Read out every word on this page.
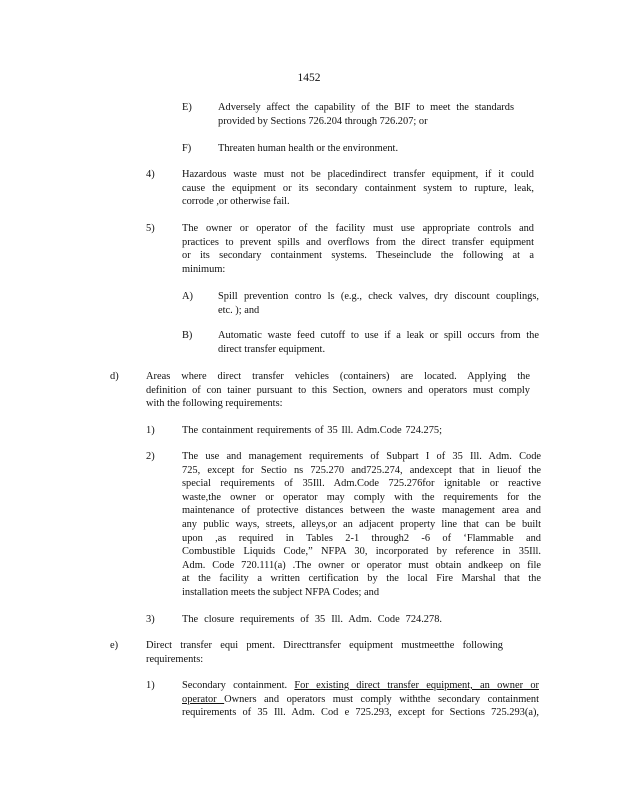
1452
E)	Adversely affect the capability of the BIF to meet the standards
provided by Sections 726.204 through 726.207; or
F)	Threaten human health or the environment.
4)	Hazardous waste must not be placedindirect transfer equipment, if it could
cause the equipment or its secondary containment system to rupture, leak,
corrode ,or otherwise fail.
5)	The owner or operator of the facility must use appropriate controls and
practices to prevent spills and overflows from the direct transfer equipment
or its secondary containment systems. Theseinclude the following at a
minimum:
A) Spill prevention contro ls (e.g., check valves, dry discount couplings,
etc. ); and
B) Automatic waste feed cutoff to use if a leak or spill occurs from the
direct transfer equipment.
d)	Areas where direct transfer vehicles (containers) are located. Applying the
definition of con tainer pursuant to this Section, owners and operators must comply
with the following requirements:
1)	The containment requirements of 35 Ill. Adm.Code 724.275;
2)	The use and management requirements of Subpart I of 35 Ill. Adm. Code
725, except for Sectio ns 725.270 and725.274, andexcept that in lieuof the
special requirements of 35Ill. Adm.Code 725.276for ignitable or reactive
waste,the owner or operator may comply with the requirements for the
maintenance of protective distances between the waste management area and
any public ways, streets, alleys,or an adjacent property line that can be built
upon ,as required in Tables 2-1 through2 -6 of ‘Flammable and
Combustible Liquids Code,” NFPA 30, incorporated by reference in 35Ill.
Adm. Code 720.111(a) .The owner or operator must obtain andkeep on file
at the facility a written certification by the local Fire Marshal that the
installation meets the subject NFPA Codes; and
3)	The closure requirements of 35 Ill. Adm. Code 724.278.
e)	Direct transfer equi pment. Directtransfer equipment mustmeetthe following
requirements:
1)	Secondary containment. For existing direct transfer equipment, an owner or
operator Owners and operators must comply withthe secondary containment
requirements of 35 Ill. Adm. Cod e 725.293, except for Sections 725.293(a),
